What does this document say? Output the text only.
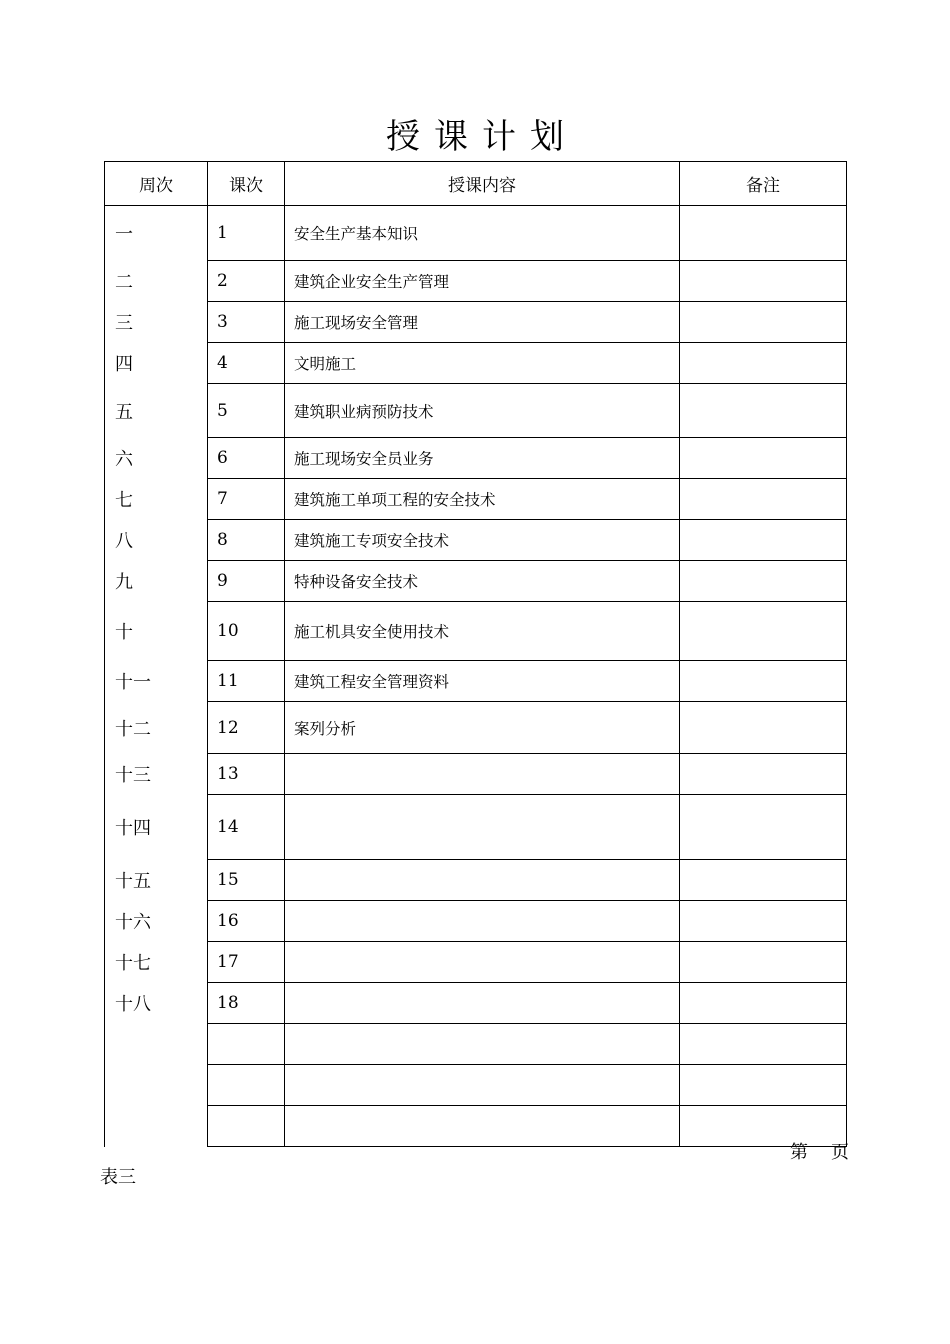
授课计划
周次	课次	授课内容	备注
一	1	安全生产基本知识	
二	2	建筑企业安全生产管理	
三	3	施工现场安全管理	
四	4	文明施工	
五	5	建筑职业病预防技术	
六	6	施工现场安全员业务	
七	7	建筑施工单项工程的安全技术	
八	8	建筑施工专项安全技术	
九	9	特种设备安全技术	
十	10	施工机具安全使用技术	
十一	11	建筑工程安全管理资料	
十二	12	案列分析	
十三	13		
十四	14		
十五	15		
十六	16		
十七	17		
十八	18		

第 页
表三
